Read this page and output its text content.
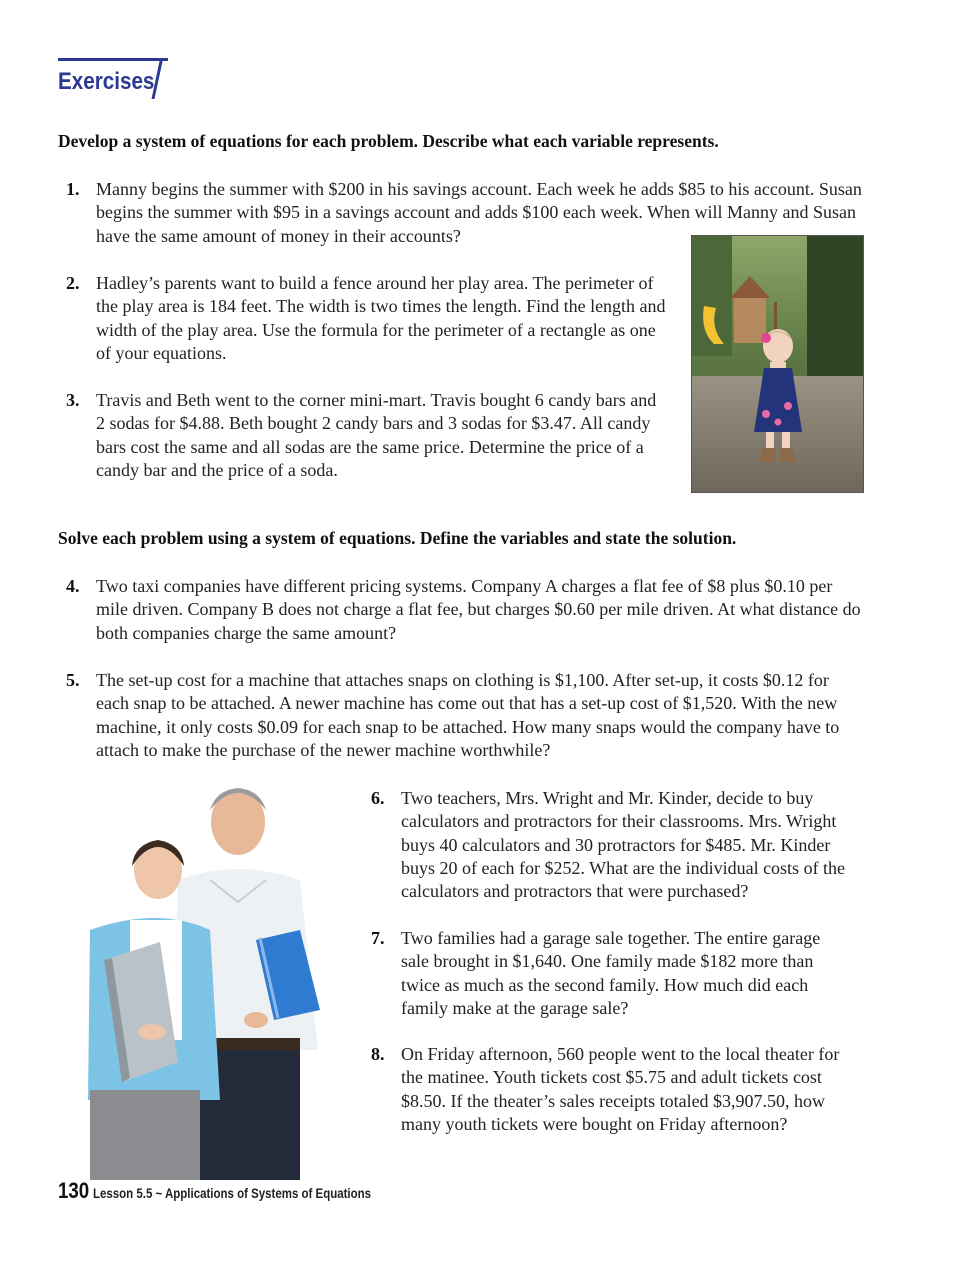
Exercises
Develop a system of equations for each problem. Describe what each variable represents.
1. Manny begins the summer with $200 in his savings account. Each week he adds $85 to his account. Susan begins the summer with $95 in a savings account and adds $100 each week. When will Manny and Susan have the same amount of money in their accounts?
2. Hadley’s parents want to build a fence around her play area. The perimeter of the play area is 184 feet. The width is two times the length. Find the length and width of the play area. Use the formula for the perimeter of a rectangle as one of your equations.
3. Travis and Beth went to the corner mini-mart. Travis bought 6 candy bars and 2 sodas for $4.88. Beth bought 2 candy bars and 3 sodas for $3.47. All candy bars cost the same and all sodas are the same price. Determine the price of a candy bar and the price of a soda.
Solve each problem using a system of equations. Define the variables and state the solution.
4. Two taxi companies have different pricing systems. Company A charges a flat fee of $8 plus $0.10 per mile driven. Company B does not charge a flat fee, but charges $0.60 per mile driven. At what distance do both companies charge the same amount?
5. The set-up cost for a machine that attaches snaps on clothing is $1,100. After set-up, it costs $0.12 for each snap to be attached. A newer machine has come out that has a set-up cost of $1,520. With the new machine, it only costs $0.09 for each snap to be attached. How many snaps would the company have to attach to make the purchase of the newer machine worthwhile?
6. Two teachers, Mrs. Wright and Mr. Kinder, decide to buy calculators and protractors for their classrooms. Mrs. Wright buys 40 calculators and 30 protractors for $485. Mr. Kinder buys 20 of each for $252. What are the individual costs of the calculators and protractors that were purchased?
7. Two families had a garage sale together. The entire garage sale brought in $1,640. One family made $182 more than twice as much as the second family. How much did each family make at the garage sale?
8. On Friday afternoon, 560 people went to the local theater for the matinee. Youth tickets cost $5.75 and adult tickets cost $8.50. If the theater’s sales receipts totaled $3,907.50, how many youth tickets were bought on Friday afternoon?
130 Lesson 5.5 ~ Applications of Systems of Equations
